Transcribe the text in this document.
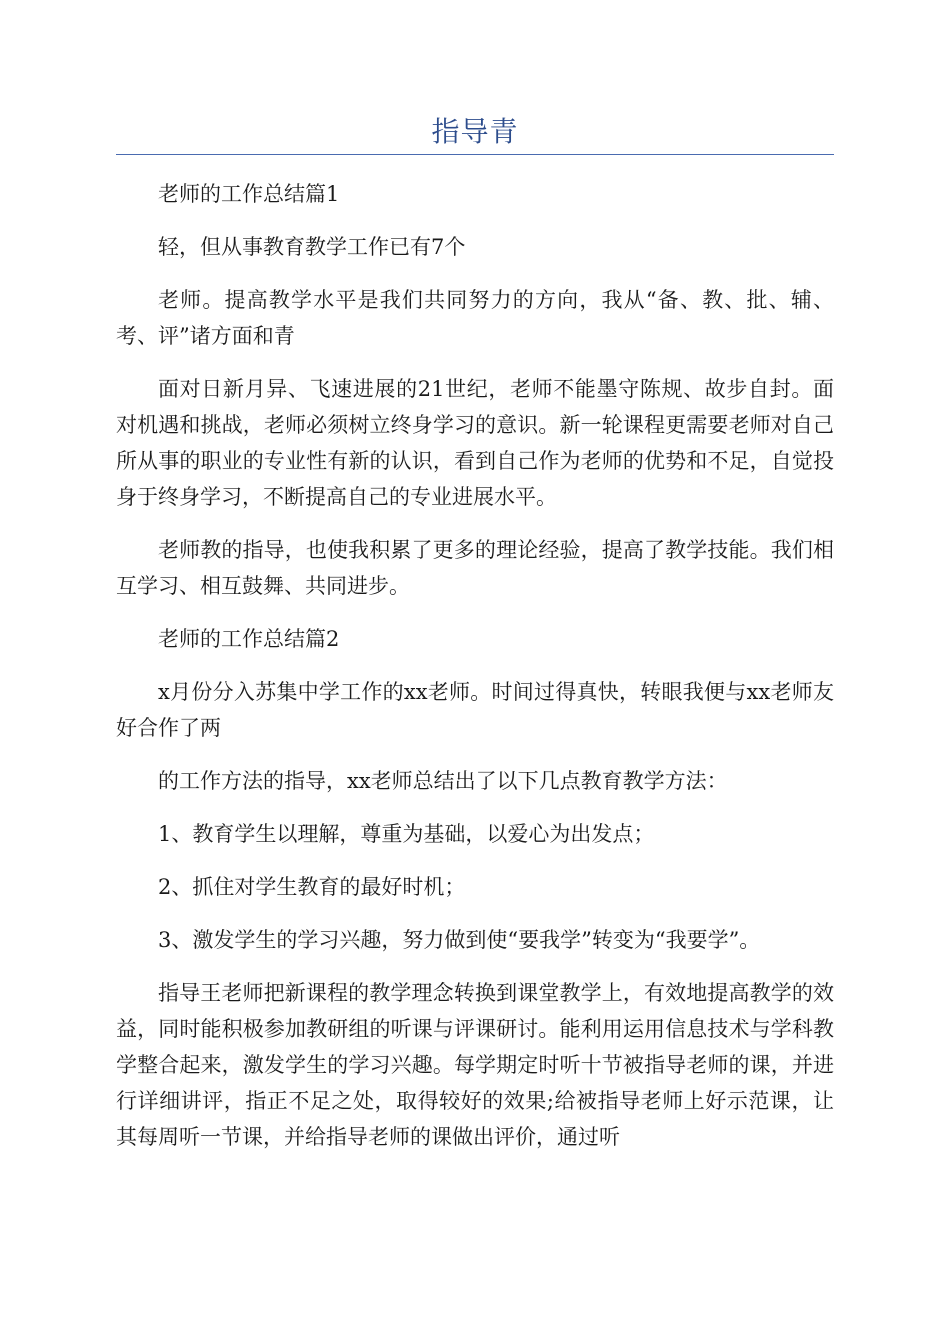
指导青

老师的工作总结篇1

轻，但从事教育教学工作已有7个

老师。提高教学水平是我们共同努力的方向，我从“备、教、批、辅、考、评”诸方面和青

面对日新月异、飞速进展的21世纪，老师不能墨守陈规、故步自封。面对机遇和挑战，老师必须树立终身学习的意识。新一轮课程更需要老师对自己所从事的职业的专业性有新的认识，看到自己作为老师的优势和不足，自觉投身于终身学习，不断提高自己的专业进展水平。

老师教的指导，也使我积累了更多的理论经验，提高了教学技能。我们相互学习、相互鼓舞、共同进步。

老师的工作总结篇2

x月份分入苏集中学工作的xx老师。时间过得真快，转眼我便与xx老师友好合作了两

的工作方法的指导，xx老师总结出了以下几点教育教学方法：

1、教育学生以理解，尊重为基础，以爱心为出发点；

2、抓住对学生教育的最好时机；

3、激发学生的学习兴趣，努力做到使“要我学”转变为“我要学”。

指导王老师把新课程的教学理念转换到课堂教学上，有效地提高教学的效益，同时能积极参加教研组的听课与评课研讨。能利用运用信息技术与学科教学整合起来，激发学生的学习兴趣。每学期定时听十节被指导老师的课，并进行详细讲评，指正不足之处，取得较好的效果;给被指导老师上好示范课，让其每周听一节课，并给指导老师的课做出评价，通过听
